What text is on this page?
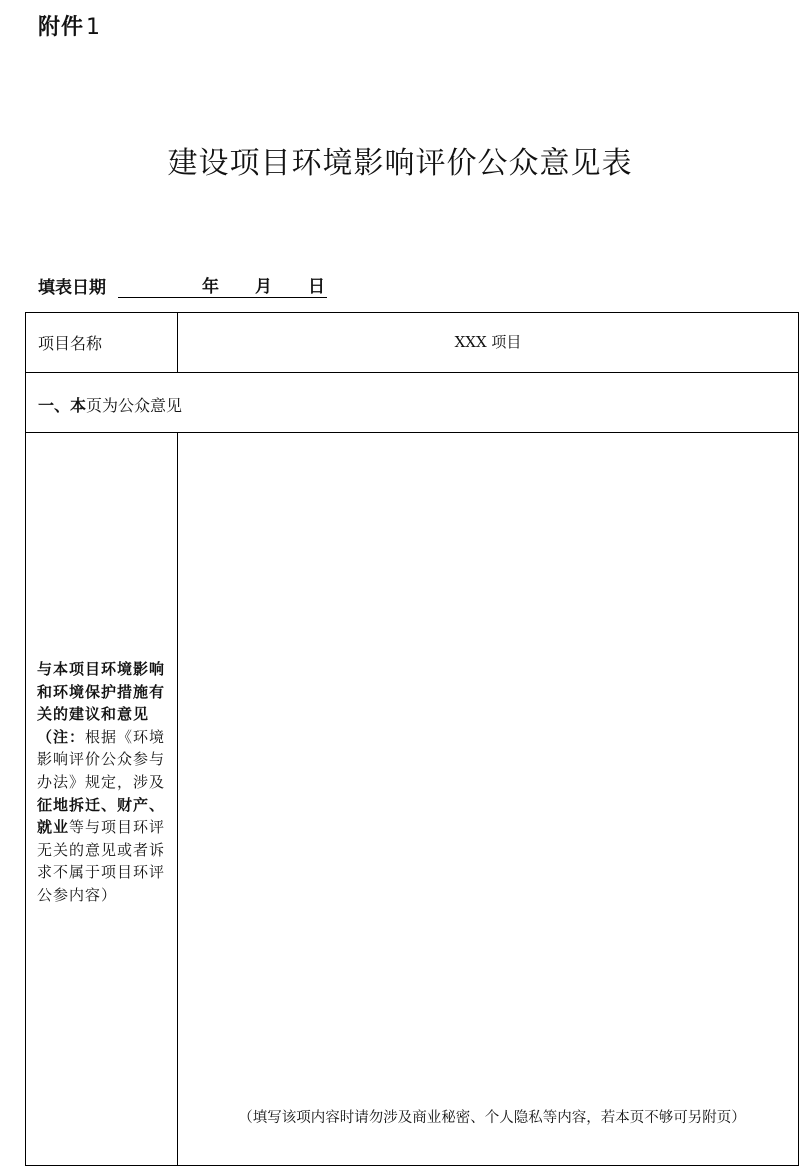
附件1
建设项目环境影响评价公众意见表
填表日期	年 月 日
项目名称	XXX 项目
一、本页为公众意见
与本项目环境影响和环境保护措施有关的建议和意见（注：根据《环境影响评价公众参与办法》规定，涉及征地拆迁、财产、就业等与项目环评无关的意见或者诉求不属于项目环评公参内容）
（填写该项内容时请勿涉及商业秘密、个人隐私等内容，若本页不够可另附页）
